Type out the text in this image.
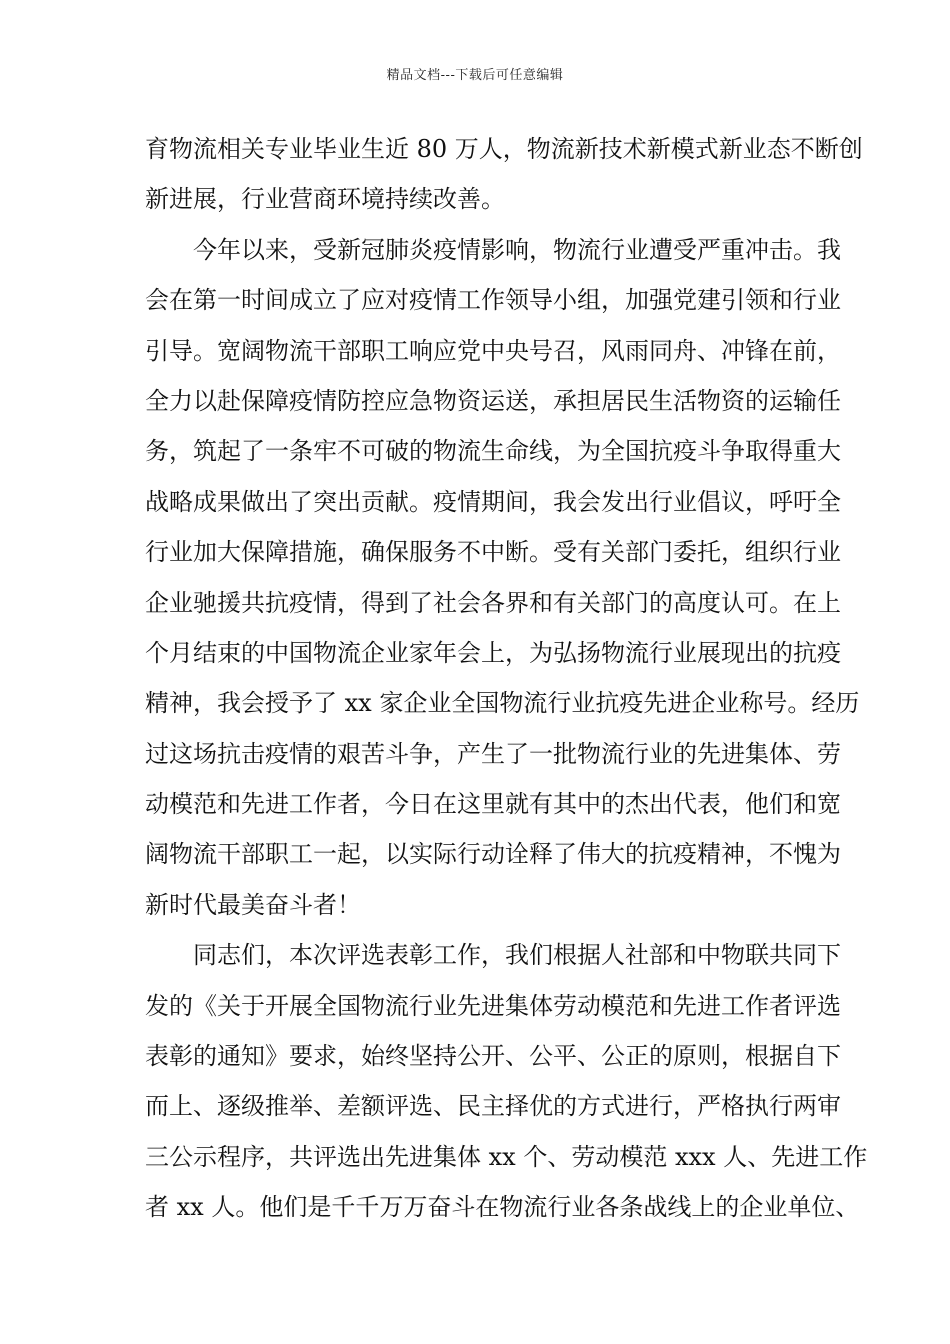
精品文档---下载后可任意编辑
育物流相关专业毕业生近 80 万人，物流新技术新模式新业态不断创
新进展，行业营商环境持续改善。
今年以来，受新冠肺炎疫情影响，物流行业遭受严重冲击。我
会在第一时间成立了应对疫情工作领导小组，加强党建引领和行业
引导。宽阔物流干部职工响应党中央号召，风雨同舟、冲锋在前，
全力以赴保障疫情防控应急物资运送，承担居民生活物资的运输任
务，筑起了一条牢不可破的物流生命线，为全国抗疫斗争取得重大
战略成果做出了突出贡献。疫情期间，我会发出行业倡议，呼吁全
行业加大保障措施，确保服务不中断。受有关部门委托，组织行业
企业驰援共抗疫情，得到了社会各界和有关部门的高度认可。在上
个月结束的中国物流企业家年会上，为弘扬物流行业展现出的抗疫
精神，我会授予了 xx 家企业全国物流行业抗疫先进企业称号。经历
过这场抗击疫情的艰苦斗争，产生了一批物流行业的先进集体、劳
动模范和先进工作者，今日在这里就有其中的杰出代表，他们和宽
阔物流干部职工一起，以实际行动诠释了伟大的抗疫精神，不愧为
新时代最美奋斗者！
同志们，本次评选表彰工作，我们根据人社部和中物联共同下
发的《关于开展全国物流行业先进集体劳动模范和先进工作者评选
表彰的通知》要求，始终坚持公开、公平、公正的原则，根据自下
而上、逐级推举、差额评选、民主择优的方式进行，严格执行两审
三公示程序，共评选出先进集体 xx 个、劳动模范 xxx 人、先进工作
者 xx 人。他们是千千万万奋斗在物流行业各条战线上的企业单位、
